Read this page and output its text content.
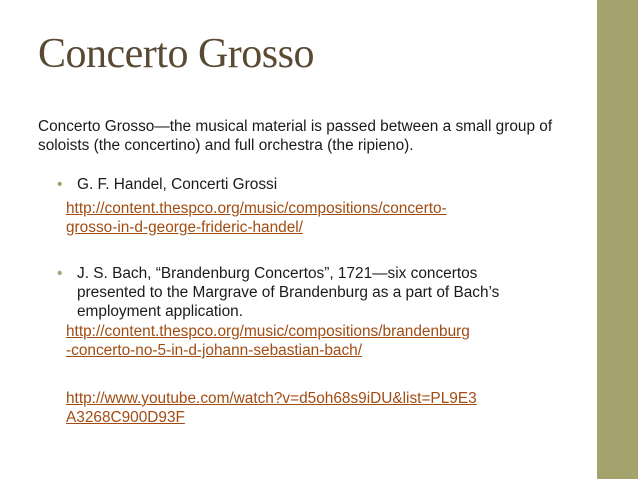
Concerto Grosso
Concerto Grosso—the musical material is passed between a small group of soloists (the concertino) and full orchestra (the ripieno).
• G. F. Handel, Concerti Grossi
http://content.thespco.org/music/compositions/concerto-
grosso-in-d-george-frideric-handel/
• J. S. Bach, “Brandenburg Concertos”, 1721—six concertos
presented to the Margrave of Brandenburg as a part of Bach’s employment application.
http://content.thespco.org/music/compositions/brandenburg
-concerto-no-5-in-d-johann-sebastian-bach/
http://www.youtube.com/watch?v=d5oh68s9iDU&list=PL9E3
A3268C900D93F
